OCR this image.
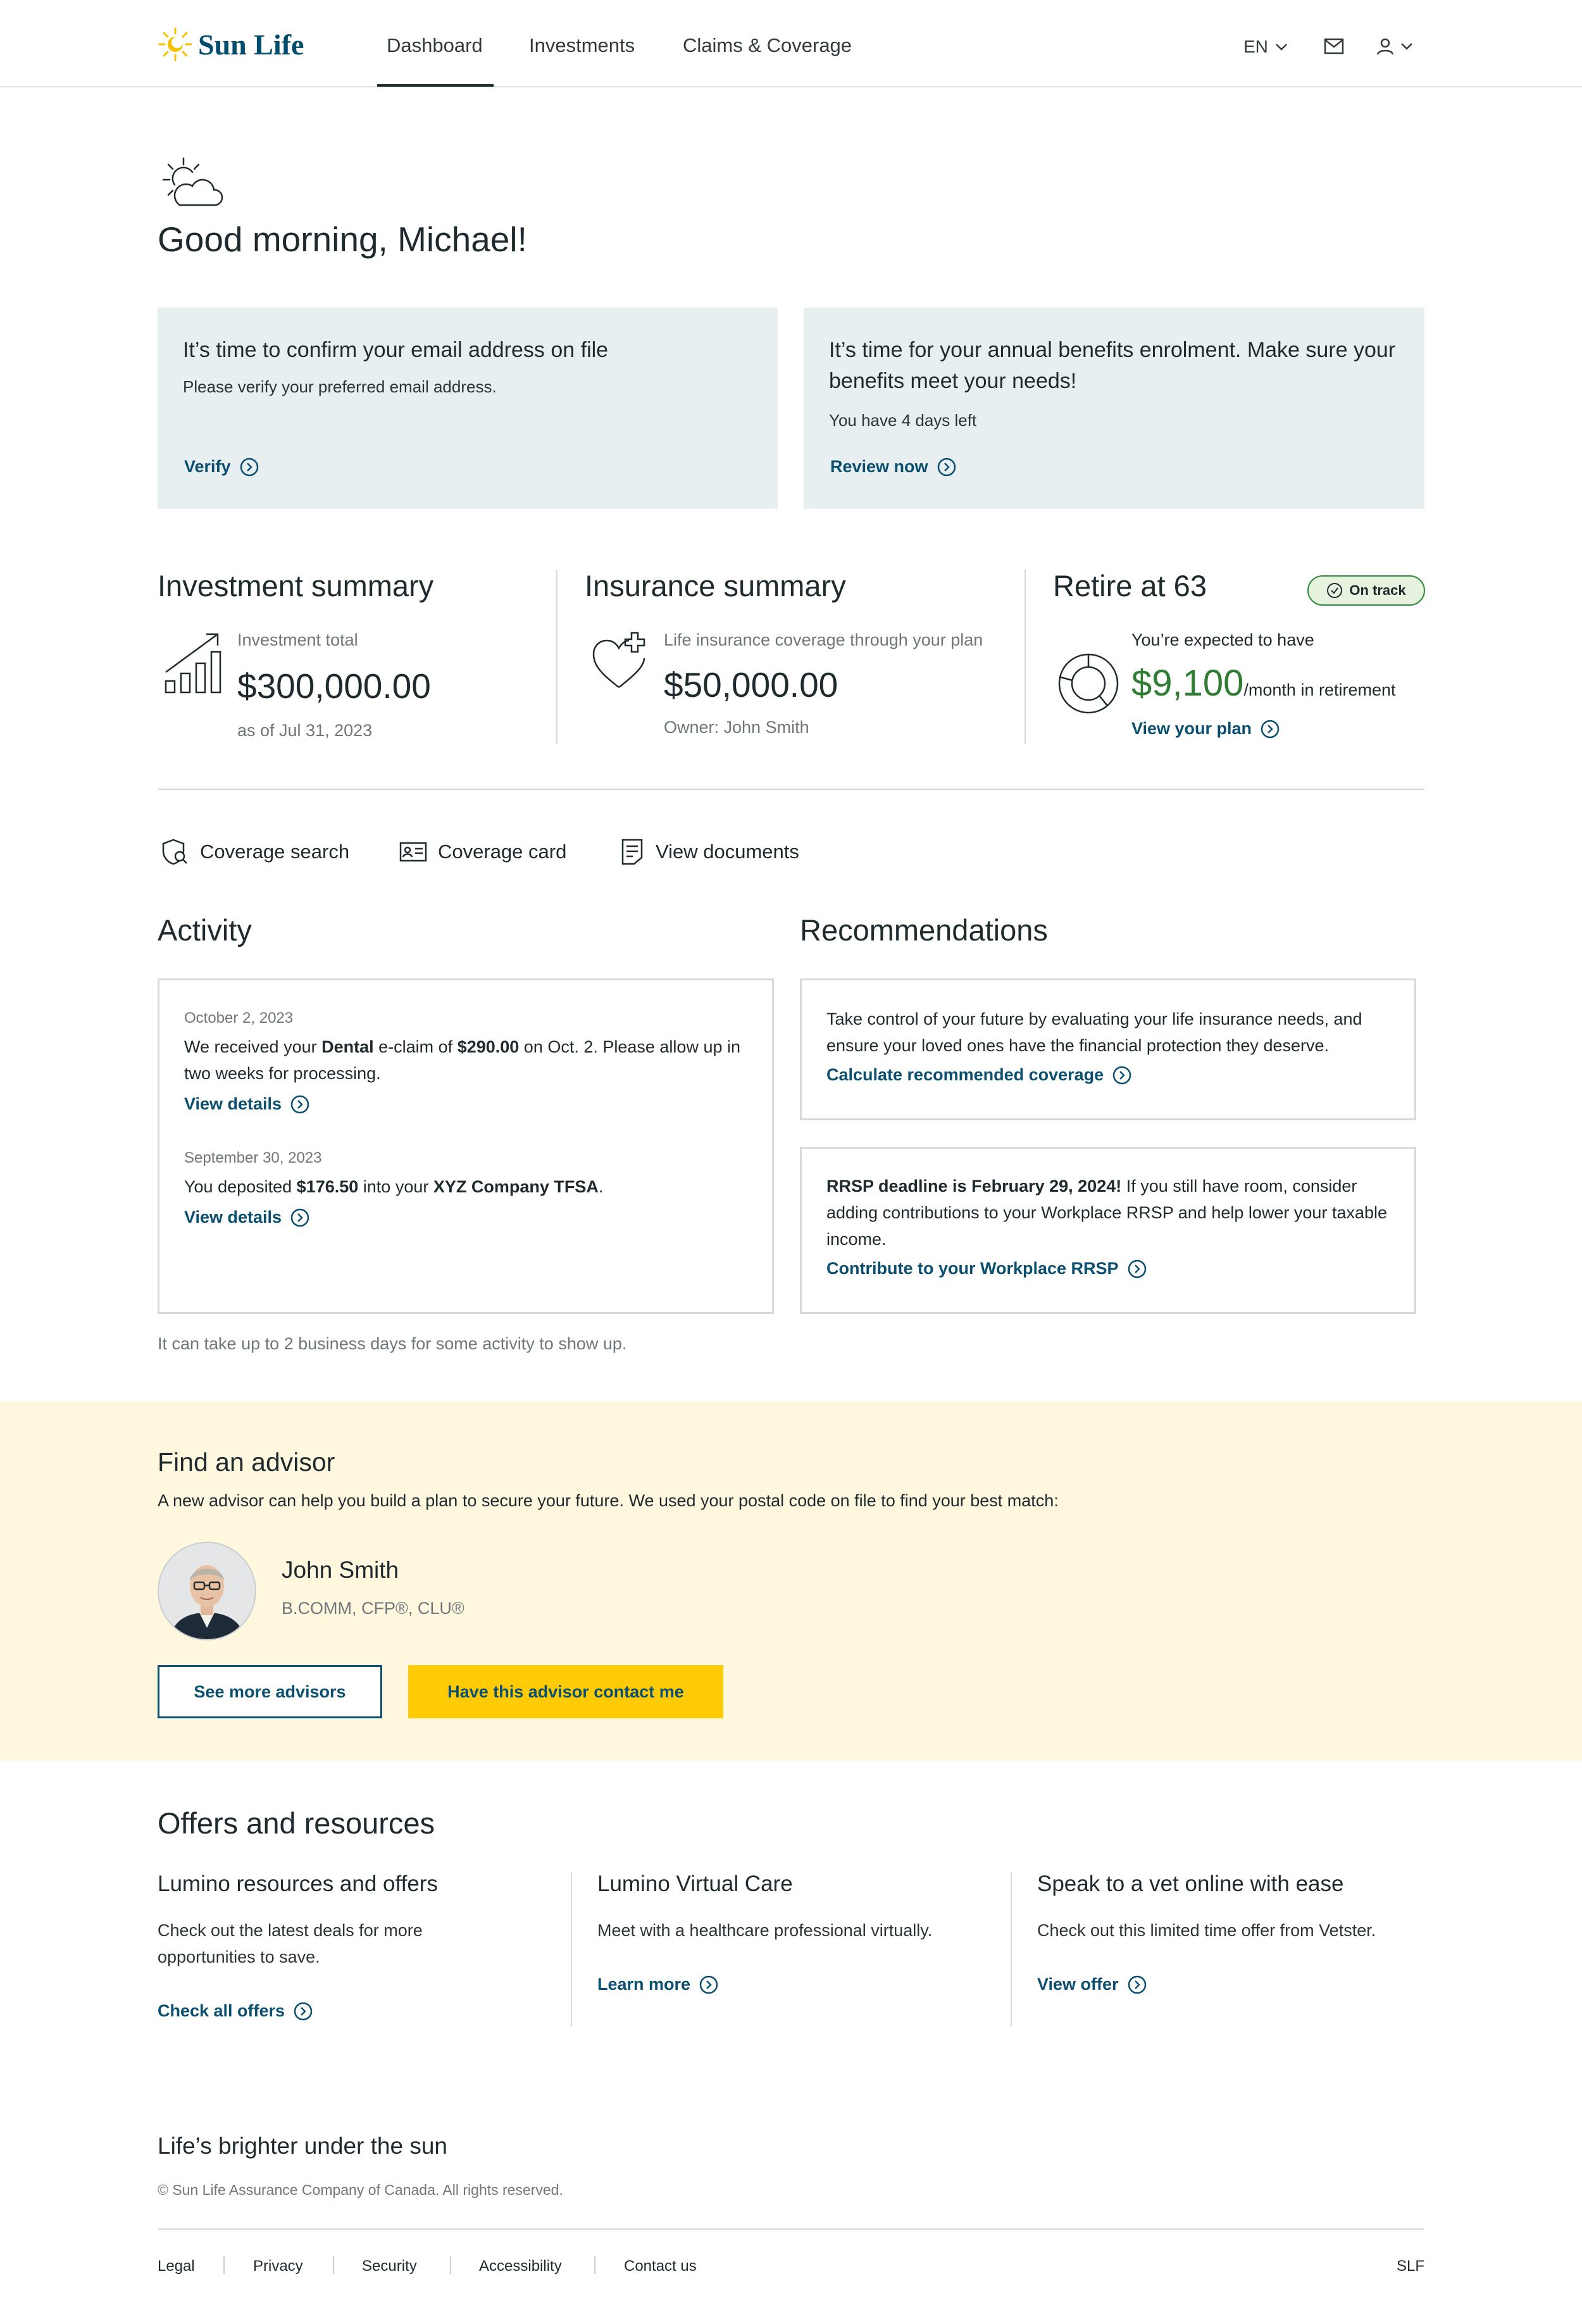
Sun Life	Dashboard Investments Claims & Coverage	EN
Good morning, Michael!
It’s time to confirm your email address on file

Please verify your preferred email address.

Verify
It’s time for your annual benefits enrolment. Make sure your benefits meet your needs!

You have 4 days left

Review now
Investment summary
Investment total
$300,000.00
as of Jul 31, 2023
Insurance summary
Life insurance coverage through your plan
$50,000.00
Owner: John Smith
Retire at 63	On track
You’re expected to have
$9,100 /month in retirement
View your plan
Coverage search	Coverage card	View documents
Activity
October 2, 2023
We received your Dental e-claim of $290.00 on Oct. 2. Please allow up in two weeks for processing.
View details
September 30, 2023
You deposited $176.50 into your XYZ Company TFSA.
View details
It can take up to 2 business days for some activity to show up.
Recommendations
Take control of your future by evaluating your life insurance needs, and ensure your loved ones have the financial protection they deserve.
Calculate recommended coverage
RRSP deadline is February 29, 2024! If you still have room, consider adding contributions to your Workplace RRSP and help lower your taxable income.
Contribute to your Workplace RRSP
Find an advisor
A new advisor can help you build a plan to secure your future. We used your postal code on file to find your best match:
John Smith
B.COMM, CFP®, CLU®
See more advisors	Have this advisor contact me
Offers and resources
Lumino resources and offers
Check out the latest deals for more opportunities to save.
Check all offers
Lumino Virtual Care
Meet with a healthcare professional virtually.
Learn more
Speak to a vet online with ease
Check out this limited time offer from Vetster.
View offer
Life’s brighter under the sun
© Sun Life Assurance Company of Canada. All rights reserved.
Legal	Privacy	Security	Accessibility	Contact us	SLF
